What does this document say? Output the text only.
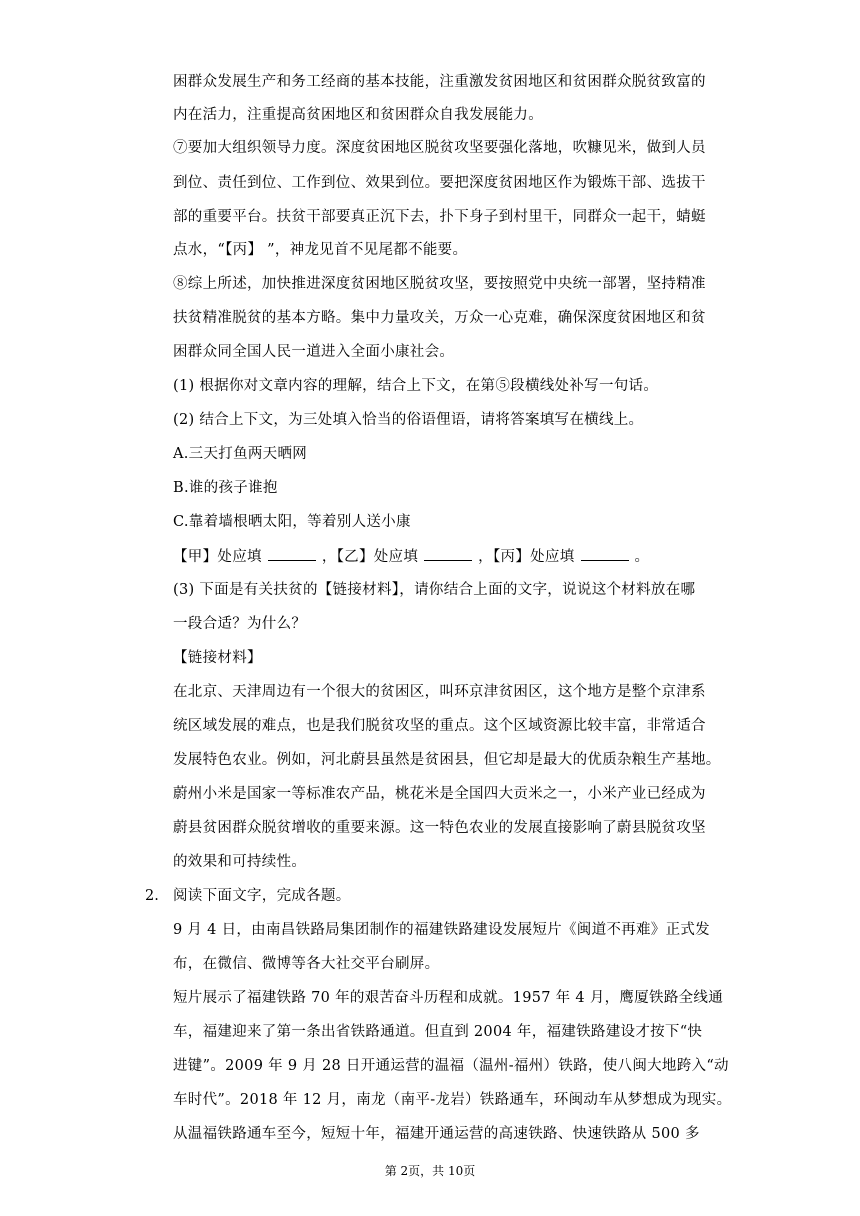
困群众发展生产和务工经商的基本技能，注重激发贫困地区和贫困群众脱贫致富的
内在活力，注重提高贫困地区和贫困群众自我发展能力。
⑦要加大组织领导力度。深度贫困地区脱贫攻坚要强化落地，吹糠见米，做到人员
到位、责任到位、工作到位、效果到位。要把深度贫困地区作为锻炼干部、选拔干
部的重要平台。扶贫干部要真正沉下去，扑下身子到村里干，同群众一起干，蜻蜓
点水，“【丙】 ”，神龙见首不见尾都不能要。
⑧综上所述，加快推进深度贫困地区脱贫攻坚，要按照党中央统一部署，坚持精准
扶贫精准脱贫的基本方略。集中力量攻关，万众一心克难，确保深度贫困地区和贫
困群众同全国人民一道进入全面小康社会。
(1) 根据你对文章内容的理解，结合上下文，在第⑤段横线处补写一句话。
(2) 结合上下文，为三处填入恰当的俗语俚语，请将答案填写在横线上。
A.三天打鱼两天晒网
B.谁的孩子谁抱
C.靠着墙根晒太阳，等着别人送小康
【甲】处应填	，【乙】处应填	，【丙】处应填	。
(3) 下面是有关扶贫的【链接材料】，请你结合上面的文字，说说这个材料放在哪
一段合适？为什么？
【链接材料】
在北京、天津周边有一个很大的贫困区，叫环京津贫困区，这个地方是整个京津系
统区域发展的难点，也是我们脱贫攻坚的重点。这个区域资源比较丰富，非常适合
发展特色农业。例如，河北蔚县虽然是贫困县，但它却是最大的优质杂粮生产基地。
蔚州小米是国家一等标准农产品，桃花米是全国四大贡米之一，小米产业已经成为
蔚县贫困群众脱贫增收的重要来源。这一特色农业的发展直接影响了蔚县脱贫攻坚
的效果和可持续性。
2. 阅读下面文字，完成各题。
9 月 4 日，由南昌铁路局集团制作的福建铁路建设发展短片《闽道不再难》正式发
布，在微信、微博等各大社交平台刷屏。
短片展示了福建铁路 70 年的艰苦奋斗历程和成就。1957 年 4 月，鹰厦铁路全线通
车，福建迎来了第一条出省铁路通道。但直到 2004 年，福建铁路建设才按下“快
进键”。2009 年 9 月 28 日开通运营的温福（温州-福州）铁路，使八闽大地跨入“动
车时代”。2018 年 12 月，南龙（南平-龙岩）铁路通车，环闽动车从梦想成为现实。
从温福铁路通车至今，短短十年，福建开通运营的高速铁路、快速铁路从 500 多
第 2页，共 10页
